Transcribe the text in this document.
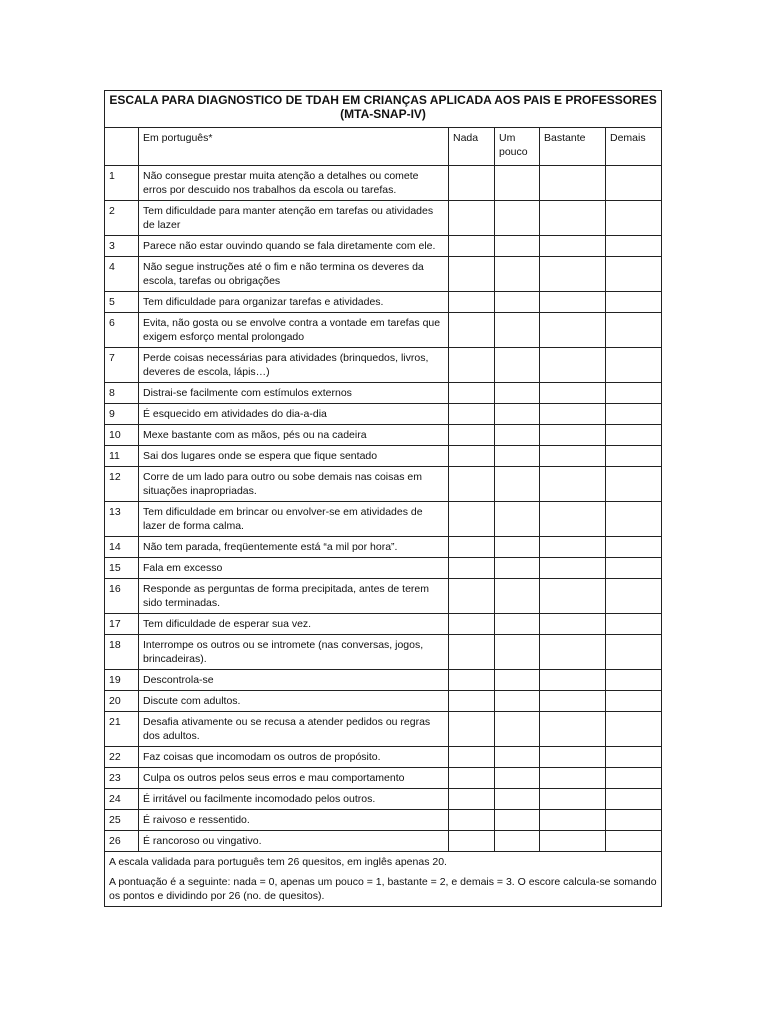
ESCALA PARA DIAGNOSTICO DE TDAH EM CRIANÇAS APLICADA AOS PAIS E PROFESSORES
(MTA-SNAP-IV)					

	Em português*	Nada	Um pouco	Bastante	Demais
1	Não consegue prestar muita atenção a detalhes ou comete erros por descuido nos trabalhos da escola ou tarefas.				
2	Tem dificuldade para manter atenção em tarefas ou atividades de lazer				
3	Parece não estar ouvindo quando se fala diretamente com ele.				
4	Não segue instruções até o fim e não termina os deveres da escola, tarefas ou obrigações				
5	Tem dificuldade para organizar tarefas e atividades.				
6	Evita, não gosta ou se envolve contra a vontade em tarefas que exigem esforço mental prolongado				
7	Perde coisas necessárias para atividades (brinquedos, livros, deveres de escola, lápis…)				
8	Distrai-se facilmente com estímulos externos				
9	É esquecido em atividades do dia-a-dia				
10	Mexe bastante com as mãos, pés ou na cadeira				
11	Sai dos lugares onde se espera que fique sentado				
12	Corre de um lado para outro ou sobe demais nas coisas em situações inapropriadas.				
13	Tem dificuldade em brincar ou envolver-se em atividades de lazer de forma calma.				
14	Não tem parada, freqüentemente está “a mil por hora”.				
15	Fala em excesso				
16	Responde as perguntas de forma precipitada, antes de terem sido terminadas.				
17	Tem dificuldade de esperar sua vez.				
18	Interrompe os outros ou se intromete (nas conversas, jogos, brincadeiras).				
19	Descontrola-se				
20	Discute com adultos.				
21	Desafia ativamente ou se recusa a atender pedidos ou regras dos adultos.				
22	Faz coisas que incomodam os outros de propósito.				
23	Culpa os outros pelos seus erros e mau comportamento				
24	É irritável ou facilmente incomodado pelos outros.				
25	É raivoso e ressentido.				
26	É rancoroso ou vingativo.				

A escala validada para português tem 26 quesitos, em inglês apenas 20.

A pontuação é a seguinte: nada = 0, apenas um pouco = 1, bastante = 2, e demais = 3. O escore calcula-se somando os pontos e dividindo por 26 (no. de quesitos).					
